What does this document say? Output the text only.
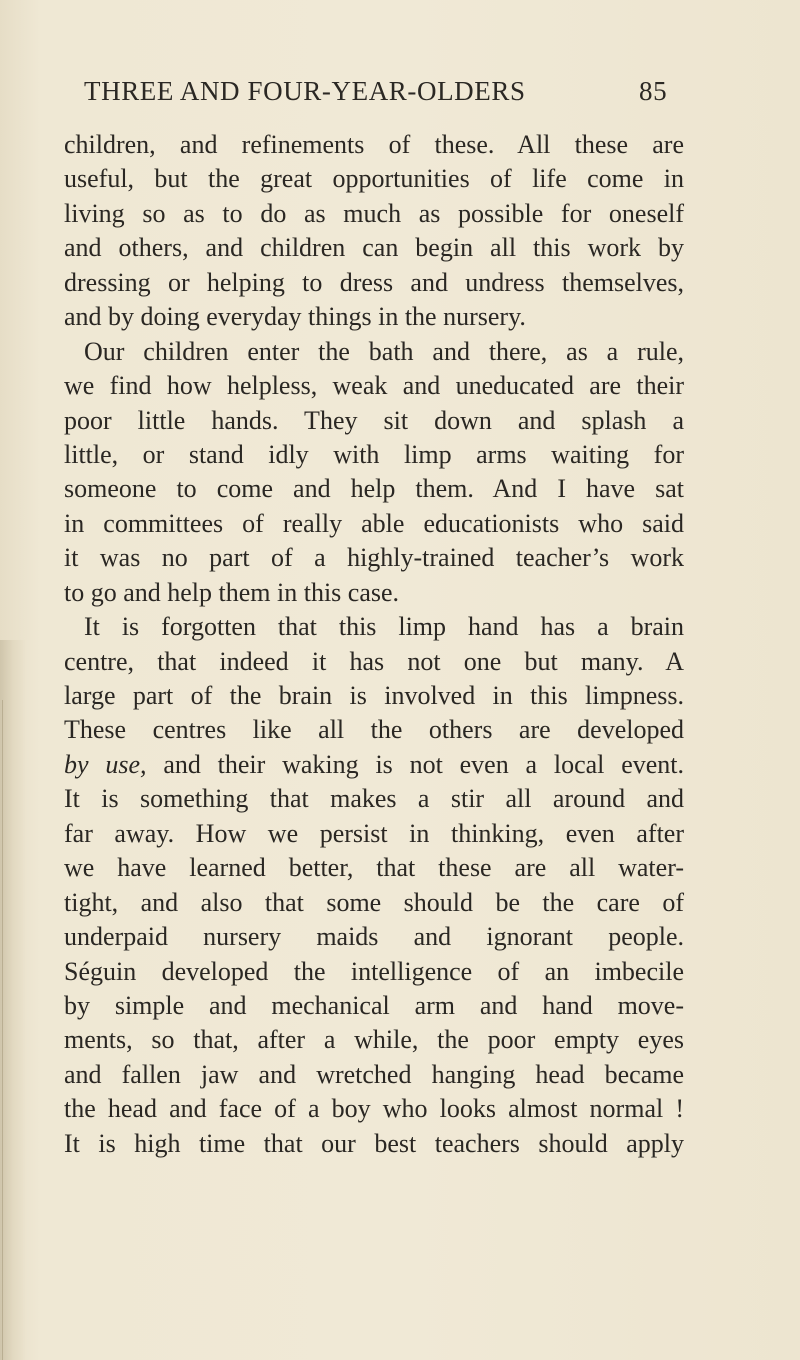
THREE AND FOUR-YEAR-OLDERS	85
children, and refinements of these. All these are
useful, but the great opportunities of life come in
living so as to do as much as possible for oneself
and others, and children can begin all this work by
dressing or helping to dress and undress themselves,
and by doing everyday things in the nursery.
Our children enter the bath and there, as a rule,
we find how helpless, weak and uneducated are their
poor little hands. They sit down and splash a
little, or stand idly with limp arms waiting for
someone to come and help them. And I have sat
in committees of really able educationists who said
it was no part of a highly-trained teacher’s work
to go and help them in this case.
It is forgotten that this limp hand has a brain
centre, that indeed it has not one but many. A
large part of the brain is involved in this limpness.
These centres like all the others are developed
by use, and their waking is not even a local event.
It is something that makes a stir all around and
far away. How we persist in thinking, even after
we have learned better, that these are all water-
tight, and also that some should be the care of
underpaid nursery maids and ignorant people.
Séguin developed the intelligence of an imbecile
by simple and mechanical arm and hand move-
ments, so that, after a while, the poor empty eyes
and fallen jaw and wretched hanging head became
the head and face of a boy who looks almost normal !
It is high time that our best teachers should apply
